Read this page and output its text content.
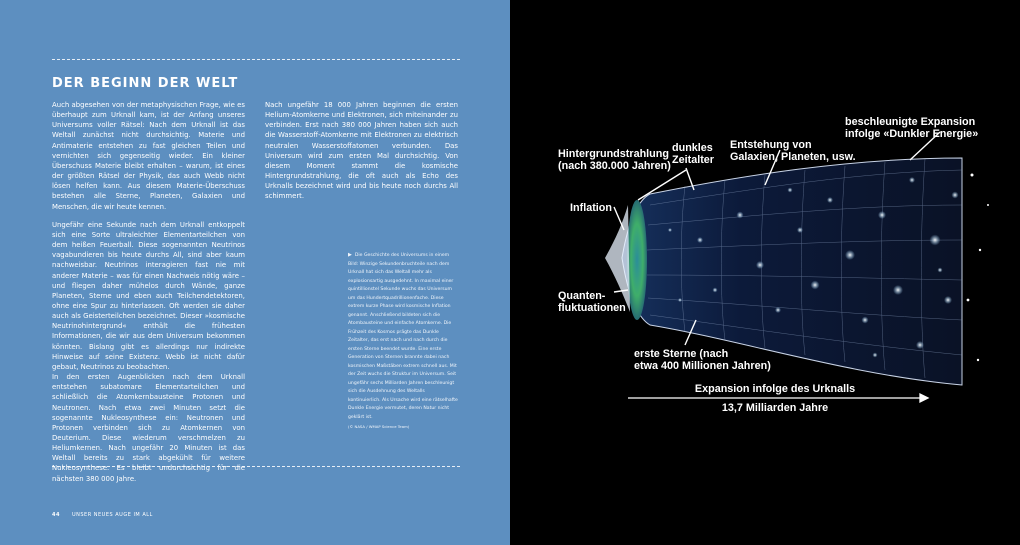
DER BEGINN DER WELT

Auch abgesehen von der metaphysischen Frage, wie es überhaupt zum Urknall kam, ist der Anfang unseres Universums voller Rätsel: Nach dem Urknall ist das Weltall zunächst nicht durchsichtig. Materie und Antimaterie entstehen zu fast gleichen Teilen und vernichten sich gegenseitig wieder. Ein kleiner Überschuss Materie bleibt erhalten – warum, ist eines der größten Rätsel der Physik, das auch Webb nicht lösen helfen kann. Aus diesem Materie-Überschuss bestehen alle Sterne, Planeten, Galaxien und Menschen, die wir heute kennen.

Ungefähr eine Sekunde nach dem Urknall entkoppelt sich eine Sorte ultraleichter Elementarteilchen von dem heißen Feuerball. Diese sogenannten Neutrinos vagabundieren bis heute durchs All, sind aber kaum nachweisbar. Neutrinos interagieren fast nie mit anderer Materie – was für einen Nachweis nötig wäre – und fliegen daher mühelos durch Wände, ganze Planeten, Sterne und eben auch Teilchendetektoren, ohne eine Spur zu hinterlassen. Oft werden sie daher auch als Geisterteilchen bezeichnet. Dieser »kosmische Neutrinohintergrund« enthält die frühesten Informationen, die wir aus dem Universum bekommen könnten. Bislang gibt es allerdings nur indirekte Hinweise auf seine Existenz. Webb ist nicht dafür gebaut, Neutrinos zu beobachten.

In den ersten Augenblicken nach dem Urknall entstehen subatomare Elementarteilchen und schließlich die Atomkernbausteine Protonen und Neutronen. Nach etwa zwei Minuten setzt die sogenannte Nukleosynthese ein: Neutronen und Protonen verbinden sich zu Atomkernen von Deuterium. Diese wiederum verschmelzen zu Heliumkernen. Nach ungefähr 20 Minuten ist das Weltall bereits zu stark abgekühlt für weitere Nukleosynthese. Es bleibt undurchsichtig für die nächsten 380 000 Jahre.

Nach ungefähr 18 000 Jahren beginnen die ersten Helium-Atomkerne und Elektronen, sich miteinander zu verbinden. Erst nach 380 000 Jahren haben sich auch die Wasserstoff-Atomkerne mit Elektronen zu elektrisch neutralen Wasserstoffatomen verbunden. Das Universum wird zum ersten Mal durchsichtig. Von diesem Moment stammt die kosmische Hintergrundstrahlung, die oft auch als Echo des Urknalls bezeichnet wird und bis heute noch durchs All schimmert.

▶ Die Geschichte des Universums in einem Bild: Winzige Sekundenbruchteile nach dem Urknall hat sich das Weltall mehr als explosionsartig ausgedehnt. In maximal einer quintillionstel Sekunde wuchs das Universum um das Hundertquadrillionenfache. Diese extrem kurze Phase wird kosmische Inflation genannt. Anschließend bildeten sich die Atombausteine und einfache Atomkerne. Die Frühzeit des Kosmos prägte das Dunkle Zeitalter, das erst nach und nach durch die ersten Sterne beendet wurde. Eine erste Generation von Sternen brannte dabei nach kosmischen Maßstäben extrem schnell aus. Mit der Zeit wuchs die Struktur im Universum. Seit ungefähr sechs Milliarden Jahren beschleunigt sich die Ausdehnung des Weltalls kontinuierlich. Als Ursache wird eine rätselhafte Dunkle Energie vermutet, deren Natur nicht geklärt ist.
(© NASA / WMAP Science Team)
44 UNSER NEUES AUGE IM ALL
Hintergrundstrahlung
(nach 380.000 Jahren)
dunkles
Zeitalter
Entstehung von
Galaxien, Planeten, usw.
beschleunigte Expansion
infolge «Dunkler Energie»
Inflation
Quanten-
fluktuationen
erste Sterne (nach
etwa 400 Millionen Jahren)
Expansion infolge des Urknalls
13,7 Milliarden Jahre
